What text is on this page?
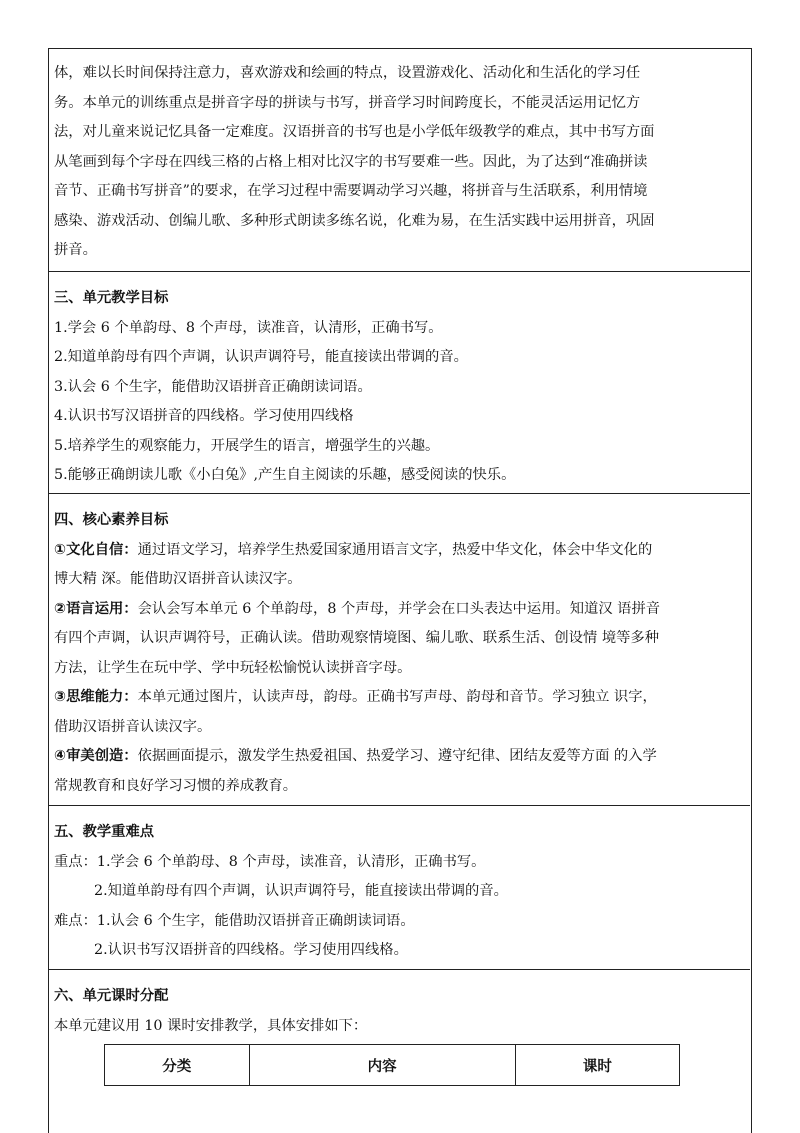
体，难以长时间保持注意力，喜欢游戏和绘画的特点，设置游戏化、活动化和生活化的学习任
务。本单元的训练重点是拼音字母的拼读与书写，拼音学习时间跨度长，不能灵活运用记忆方
法，对儿童来说记忆具备一定难度。汉语拼音的书写也是小学低年级教学的难点，其中书写方面
从笔画到每个字母在四线三格的占格上相对比汉字的书写要难一些。因此，为了达到“准确拼读
音节、正确书写拼音”的要求，在学习过程中需要调动学习兴趣，将拼音与生活联系，利用情境
感染、游戏活动、创编儿歌、多种形式朗读多练名说，化难为易，在生活实践中运用拼音，巩固
拼音。
三、单元教学目标
1.学会 6 个单韵母、8 个声母，读准音，认清形，正确书写。
2.知道单韵母有四个声调，认识声调符号，能直接读出带调的音。
3.认会 6 个生字，能借助汉语拼音正确朗读词语。
4.认识书写汉语拼音的四线格。学习使用四线格
5.培养学生的观察能力，开展学生的语言，增强学生的兴趣。
5.能够正确朗读儿歌《小白兔》,产生自主阅读的乐趣，感受阅读的快乐。
四、核心素养目标
①文化自信：通过语文学习，培养学生热爱国家通用语言文字，热爱中华文化，体会中华文化的
博大精 深。能借助汉语拼音认读汉字。
②语言运用：会认会写本单元 6 个单韵母，8 个声母，并学会在口头表达中运用。知道汉 语拼音
有四个声调，认识声调符号，正确认读。借助观察情境图、编儿歌、联系生活、创设情 境等多种
方法，让学生在玩中学、学中玩轻松愉悦认读拼音字母。
③思维能力：本单元通过图片，认读声母，韵母。正确书写声母、韵母和音节。学习独立 识字，
借助汉语拼音认读汉字。
④审美创造：依据画面提示，激发学生热爱祖国、热爱学习、遵守纪律、团结友爱等方面 的入学
常规教育和良好学习习惯的养成教育。
五、教学重难点
重点：1.学会 6 个单韵母、8 个声母，读准音，认清形，正确书写。
2.知道单韵母有四个声调，认识声调符号，能直接读出带调的音。
难点：1.认会 6 个生字，能借助汉语拼音正确朗读词语。
2.认识书写汉语拼音的四线格。学习使用四线格。
六、单元课时分配
本单元建议用 10 课时安排教学，具体安排如下：
分类	内容	课时
